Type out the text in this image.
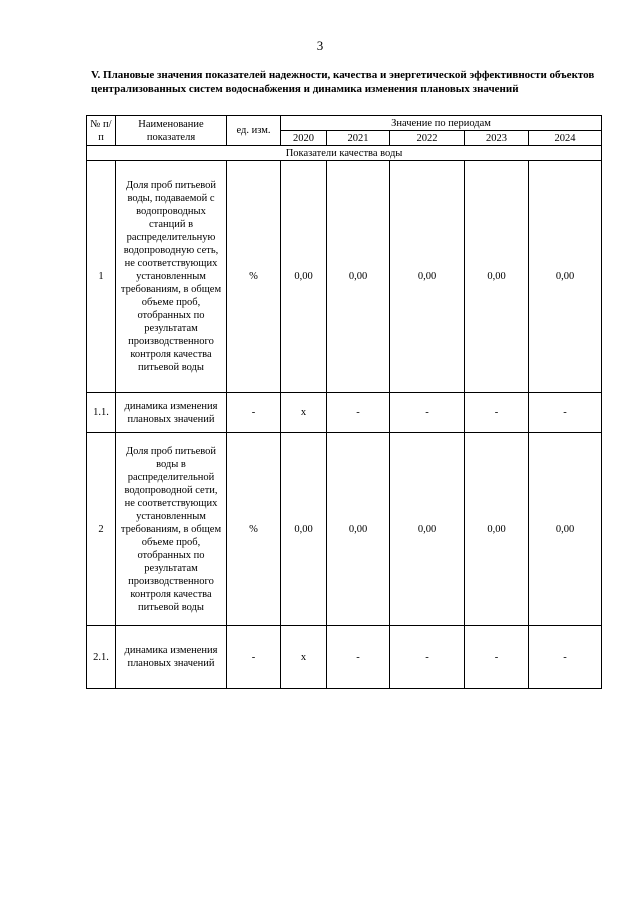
3
V. Плановые значения показателей надежности, качества и энергетической эффективности объектов централизованных систем водоснабжения и динамика изменения плановых значений
№ п/п	Наименование показателя	ед. изм.	Значение по периодам				
			2020	2021	2022	2023	2024
Показатели качества воды							
1	Доля проб питьевой воды, подаваемой с водопроводных станций в распределительную водопроводную сеть, не соответствующих установленным требованиям, в общем объеме проб, отобранных по результатам производственного контроля качества питьевой воды	%	0,00	0,00	0,00	0,00	0,00
1.1.	динамика изменения плановых значений	-	х	-	-	-	-
2	Доля проб питьевой воды в распределительной водопроводной сети, не соответствующих установленным требованиям, в общем объеме проб, отобранных по результатам производственного контроля качества питьевой воды	%	0,00	0,00	0,00	0,00	0,00
2.1.	динамика изменения плановых значений	-	х	-	-	-	-
